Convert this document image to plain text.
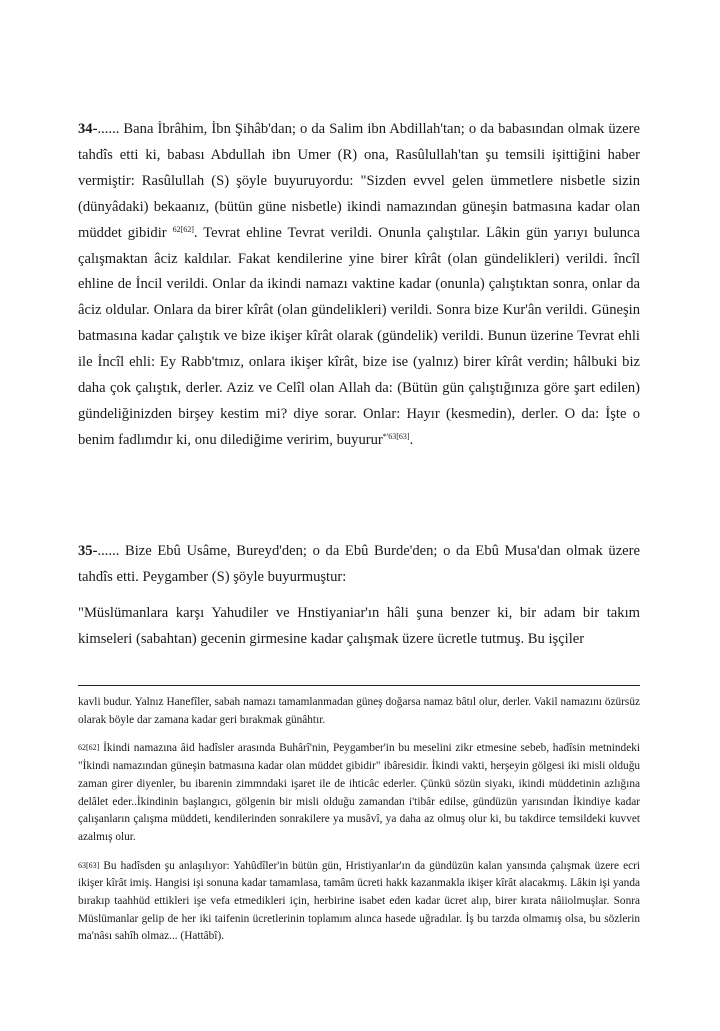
34-...... Bana İbrâhim, İbn Şihâb'dan; o da Salim ibn Abdillah'tan; o da babasından olmak üzere tahdîs etti ki, babası Abdullah ibn Umer (R) ona, Rasûlullah'tan şu temsili işittiğini haber vermiştir: Rasûlullah (S) şöyle buyuruyordu: "Sizden evvel gelen ümmetlere nisbetle sizin (dünyâdaki) bekaanız, (bütün güne nisbetle) ikindi namazından güneşin batmasına kadar olan müddet gibidir $^{62[62]}$. Tevrat ehline Tevrat verildi. Onunla çalıştılar. Lâkin gün yarıyı bulunca çalışmaktan âciz kaldılar. Fakat kendilerine yine birer kîrât (olan gündelikleri) verildi. încîl ehline de İncil verildi. Onlar da ikindi namazı vaktine kadar (onunla) çalıştıktan sonra, onlar da âciz oldular. Onlara da birer kîrât (olan gündelikleri) verildi. Sonra bize Kur'ân verildi. Güneşin batmasına kadar çalıştık ve bize ikişer kîrât olarak (gündelik) verildi. Bunun üzerine Tevrat ehli ile İncîl ehli: Ey Rabb'tmız, onlara ikişer kîrât, bize ise (yalnız) birer kîrât verdin; hâlbuki biz daha çok çalıştık, derler. Aziz ve Celîl olan Allah da: (Bütün gün çalıştığınıza göre şart edilen) gündeliğinizden birşey kestim mi? diye sorar. Onlar: Hayır (kesmedin), derler. O da: İşte o benim fadlımdır ki, onu dilediğime veririm, buyurur$^{*'63[63]}$.

35-...... Bize Ebû Usâme, Bureyd'den; o da Ebû Burde'den; o da Ebû Musa'dan olmak üzere tahdîs etti. Peygamber (S) şöyle buyurmuştur:

"Müslümanlara karşı Yahudiler ve Hnstiyaniar'ın hâli şuna benzer ki, bir adam bir takım kimseleri (sabahtan) gecenin girmesine kadar çalışmak üzere ücretle tutmuş. Bu işçiler

kavli budur. Yalnız Hanefîler, sabah namazı tamamlanmadan güneş doğarsa namaz bâtıl olur, derler. Vakil namazını özürsüz olarak böyle dar zamana kadar geri bırakmak günâhtır.

62[62] İkindi namazına âid hadîsler arasında Buhârî'nin, Peygamber'in bu meselini zikr etmesine sebeb, hadîsin metnindeki "İkindi namazından güneşin batmasına kadar olan müddet gibidir" ibâresidir. İkindi vakti, herşeyin gölgesi iki misli olduğu zaman girer diyenler, bu ibarenin zimmndaki işaret ile de ihticâc ederler. Çünkü sözün siyakı, ikindi müddetinin azlığına delâlet eder..İkindinin başlangıcı, gölgenin bir misli olduğu zamandan i'tibâr edilse, gündüzün yarısından İkindiye kadar çalışanların çalışma müddeti, kendilerinden sonrakilere ya musâvî, ya daha az olmuş olur ki, bu takdirce temsildeki kuvvet azalmış olur.

63[63] Bu hadîsden şu anlaşılıyor: Yahûdîler'in bütün gün, Hristiyanlar'ın da gündüzün kalan yansında çalışmak üzere ecri ikişer kîrât imiş. Hangisi işi sonuna kadar tamamlasa, tamâm ücreti hakk kazanmakla ikişer kîrât alacakmış. Lâkin işi yanda bırakıp taahhüd ettikleri işe vefa etmedikleri için, herbirine isabet eden kadar ücret alıp, birer kırata nâiiolmuşlar. Sonra Müslümanlar gelip de her iki taifenin ücretlerinin toplamım alınca hasede uğradılar. İş bu tarzda olmamış olsa, bu sözlerin ma'nâsı sahîh olmaz... (Hattâbî).
